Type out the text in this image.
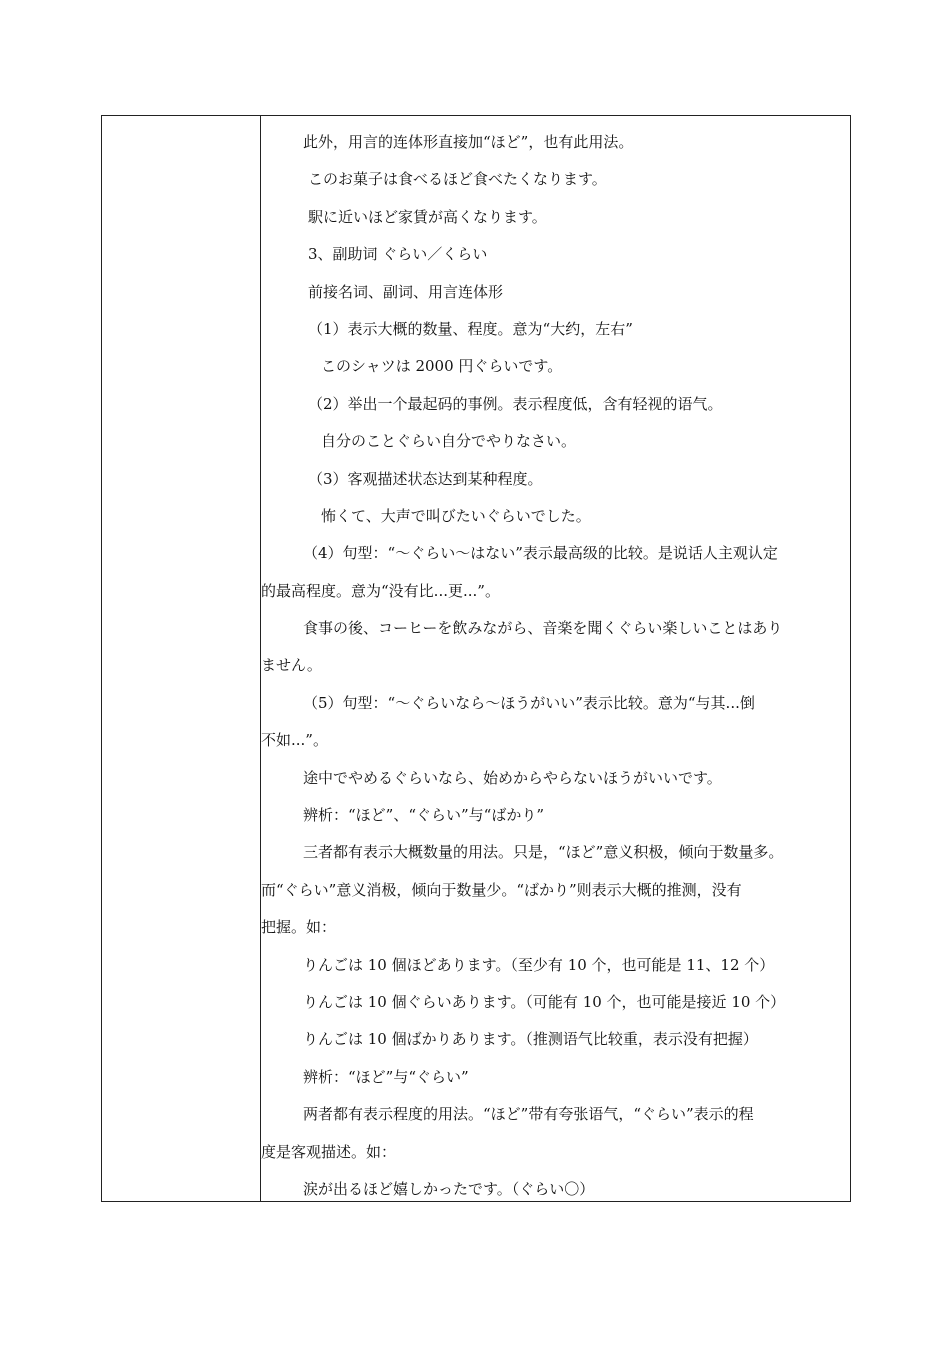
此外，用言的连体形直接加“ほど”，也有此用法。
このお菓子は食べるほど食べたくなります。
駅に近いほど家賃が高くなります。
3、副助词 ぐらい／くらい
前接名词、副词、用言连体形
（1）表示大概的数量、程度。意为“大约，左右”
このシャツは 2000 円ぐらいです。
（2）举出一个最起码的事例。表示程度低，含有轻视的语气。
自分のことぐらい自分でやりなさい。
（3）客观描述状态达到某种程度。
怖くて、大声で叫びたいぐらいでした。
（4）句型：“～ぐらい～はない”表示最高级的比较。是说话人主观认定
的最高程度。意为“没有比...更...”。
食事の後、コーヒーを飲みながら、音楽を聞くぐらい楽しいことはあり
ません。
（5）句型：“～ぐらいなら～ほうがいい”表示比较。意为“与其...倒
不如...”。
途中でやめるぐらいなら、始めからやらないほうがいいです。
辨析：“ほど”、“ぐらい”与“ばかり”
三者都有表示大概数量的用法。只是，“ほど”意义积极，倾向于数量多。
而“ぐらい”意义消极，倾向于数量少。“ばかり”则表示大概的推测，没有
把握。如：
りんごは 10 個ほどあります。（至少有 10 个，也可能是 11、12 个）
りんごは 10 個ぐらいあります。（可能有 10 个，也可能是接近 10 个）
りんごは 10 個ばかりあります。（推测语气比较重，表示没有把握）
辨析：“ほど”与“ぐらい”
两者都有表示程度的用法。“ほど”带有夸张语气，“ぐらい”表示的程
度是客观描述。如：
涙が出るほど嬉しかったです。（ぐらい〇）
